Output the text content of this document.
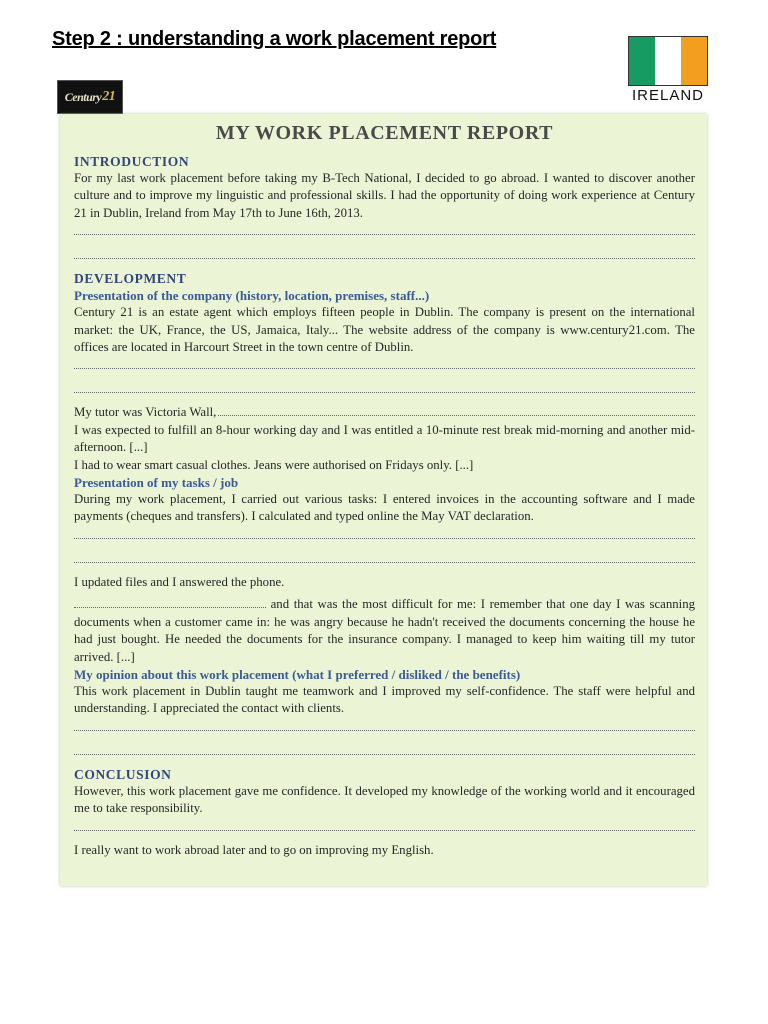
Step 2 : understanding a work placement report
IRELAND
Century 21
MY WORK PLACEMENT REPORT
INTRODUCTION

For my last work placement before taking my B-Tech National, I decided to go abroad. I wanted to discover another culture and to improve my linguistic and professional skills. I had the opportunity of doing work experience at Century 21 in Dublin, Ireland from May 17th to June 16th, 2013.

DEVELOPMENT
Presentation of the company (history, location, premises, staff...)

Century 21 is an estate agent which employs fifteen people in Dublin. The company is present on the international market: the UK, France, the US, Jamaica, Italy... The website address of the company is www.century21.com. The offices are located in Harcourt Street in the town centre of Dublin.

My tutor was Victoria Wall,

I was expected to fulfill an 8-hour working day and I was entitled a 10-minute rest break mid-morning and another mid-afternoon. [...]

I had to wear smart casual clothes. Jeans were authorised on Fridays only. [...]

Presentation of my tasks / job

During my work placement, I carried out various tasks: I entered invoices in the accounting software and I made payments (cheques and transfers). I calculated and typed online the May VAT declaration.

I updated files and I answered the phone.

and that was the most difficult for me: I remember that one day I was scanning documents when a customer came in: he was angry because he hadn't received the documents concerning the house he had just bought. He needed the documents for the insurance company. I managed to keep him waiting till my tutor arrived. [...]

My opinion about this work placement (what I preferred / disliked / the benefits)

This work placement in Dublin taught me teamwork and I improved my self-confidence. The staff were helpful and understanding. I appreciated the contact with clients.

CONCLUSION

However, this work placement gave me confidence. It developed my knowledge of the working world and it encouraged me to take responsibility.

I really want to work abroad later and to go on improving my English.
